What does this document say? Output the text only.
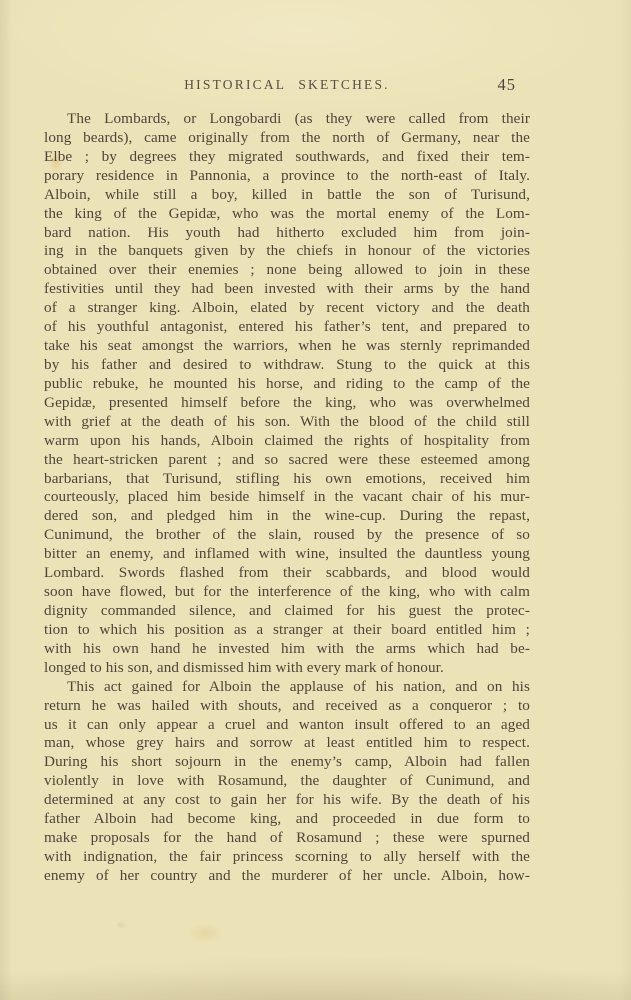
HISTORICAL SKETCHES.	45
The Lombards, or Longobardi (as they were called from their
long beards), came originally from the north of Germany, near the
Elbe ; by degrees they migrated southwards, and fixed their tem-
porary residence in Pannonia, a province to the north-east of Italy.
Alboin, while still a boy, killed in battle the son of Turisund,
the king of the Gepidæ, who was the mortal enemy of the Lom-
bard nation. His youth had hitherto excluded him from join-
ing in the banquets given by the chiefs in honour of the victories
obtained over their enemies ; none being allowed to join in these
festivities until they had been invested with their arms by the hand
of a stranger king. Alboin, elated by recent victory and the death
of his youthful antagonist, entered his father’s tent, and prepared to
take his seat amongst the warriors, when he was sternly reprimanded
by his father and desired to withdraw. Stung to the quick at this
public rebuke, he mounted his horse, and riding to the camp of the
Gepidæ, presented himself before the king, who was overwhelmed
with grief at the death of his son. With the blood of the child still
warm upon his hands, Alboin claimed the rights of hospitality from
the heart-stricken parent ; and so sacred were these esteemed among
barbarians, that Turisund, stifling his own emotions, received him
courteously, placed him beside himself in the vacant chair of his mur-
dered son, and pledged him in the wine-cup. During the repast,
Cunimund, the brother of the slain, roused by the presence of so
bitter an enemy, and inflamed with wine, insulted the dauntless young
Lombard. Swords flashed from their scabbards, and blood would
soon have flowed, but for the interference of the king, who with calm
dignity commanded silence, and claimed for his guest the protec-
tion to which his position as a stranger at their board entitled him ;
with his own hand he invested him with the arms which had be-
longed to his son, and dismissed him with every mark of honour.
This act gained for Alboin the applause of his nation, and on his
return he was hailed with shouts, and received as a conqueror ; to
us it can only appear a cruel and wanton insult offered to an aged
man, whose grey hairs and sorrow at least entitled him to respect.
During his short sojourn in the enemy’s camp, Alboin had fallen
violently in love with Rosamund, the daughter of Cunimund, and
determined at any cost to gain her for his wife. By the death of his
father Alboin had become king, and proceeded in due form to
make proposals for the hand of Rosamund ; these were spurned
with indignation, the fair princess scorning to ally herself with the
enemy of her country and the murderer of her uncle. Alboin, how-
